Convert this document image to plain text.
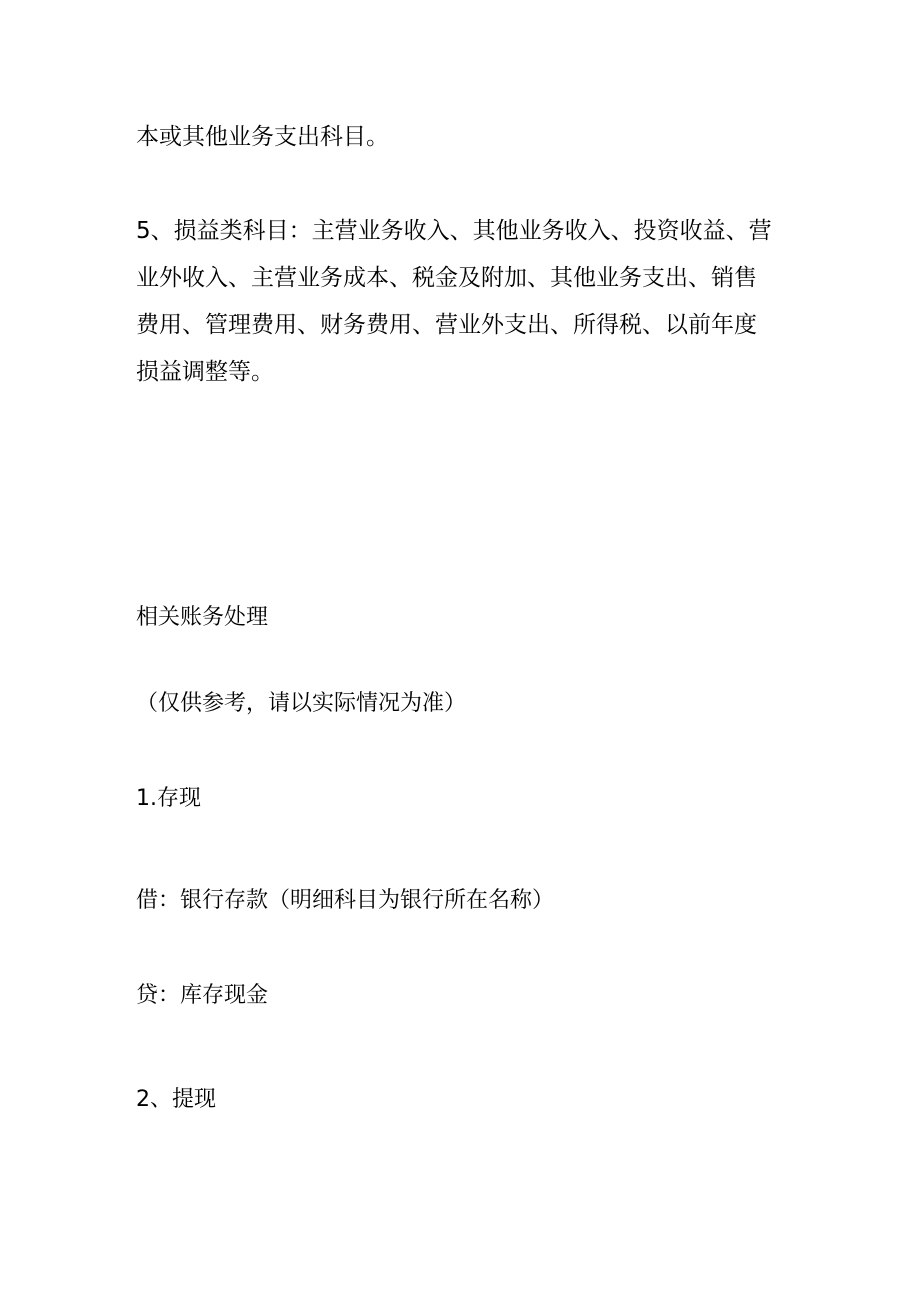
本或其他业务支出科目。

5、损益类科目：主营业务收入、其他业务收入、投资收益、营
业外收入、主营业务成本、税金及附加、其他业务支出、销售
费用、管理费用、财务费用、营业外支出、所得税、以前年度
损益调整等。

相关账务处理

（仅供参考，请以实际情况为准）

1.存现

借：银行存款（明细科目为银行所在名称）

贷：库存现金

2、提现
